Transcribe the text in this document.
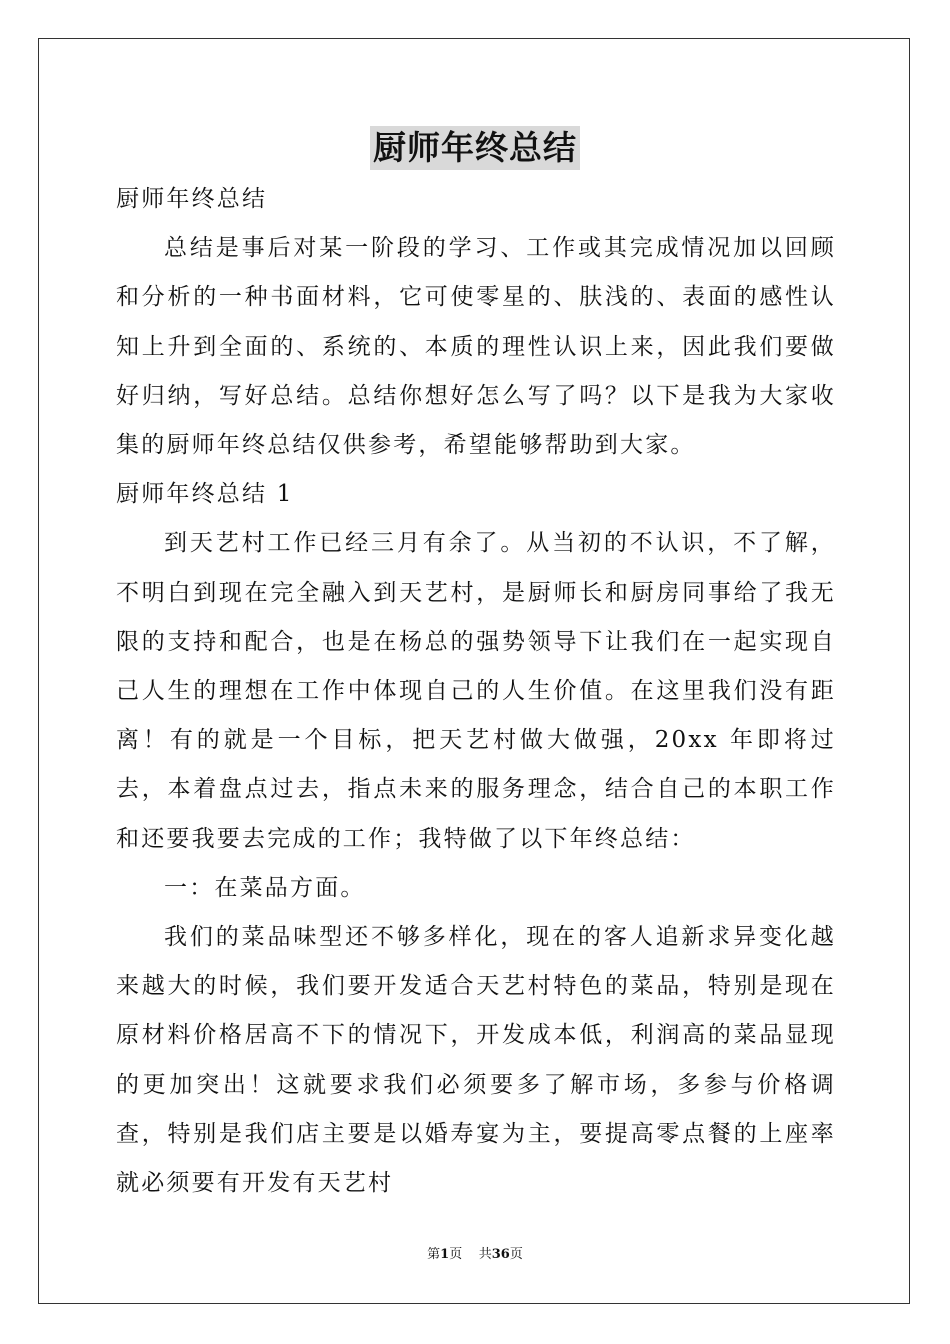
厨师年终总结

厨师年终总结

总结是事后对某一阶段的学习、工作或其完成情况加以回顾和分析的一种书面材料，它可使零星的、肤浅的、表面的感性认知上升到全面的、系统的、本质的理性认识上来，因此我们要做好归纳，写好总结。总结你想好怎么写了吗？以下是我为大家收集的厨师年终总结仅供参考，希望能够帮助到大家。

厨师年终总结 1

到天艺村工作已经三月有余了。从当初的不认识，不了解，不明白到现在完全融入到天艺村，是厨师长和厨房同事给了我无限的支持和配合，也是在杨总的强势领导下让我们在一起实现自己人生的理想在工作中体现自己的人生价值。在这里我们没有距离！有的就是一个目标，把天艺村做大做强，20xx 年即将过去，本着盘点过去，指点未来的服务理念，结合自己的本职工作和还要我要去完成的工作；我特做了以下年终总结：

一：在菜品方面。

我们的菜品味型还不够多样化，现在的客人追新求异变化越来越大的时候，我们要开发适合天艺村特色的菜品，特别是现在原材料价格居高不下的情况下，开发成本低，利润高的菜品显现的更加突出！这就要求我们必须要多了解市场，多参与价格调查，特别是我们店主要是以婚寿宴为主，要提高零点餐的上座率就必须要有开发有天艺村

第1页 共36页
